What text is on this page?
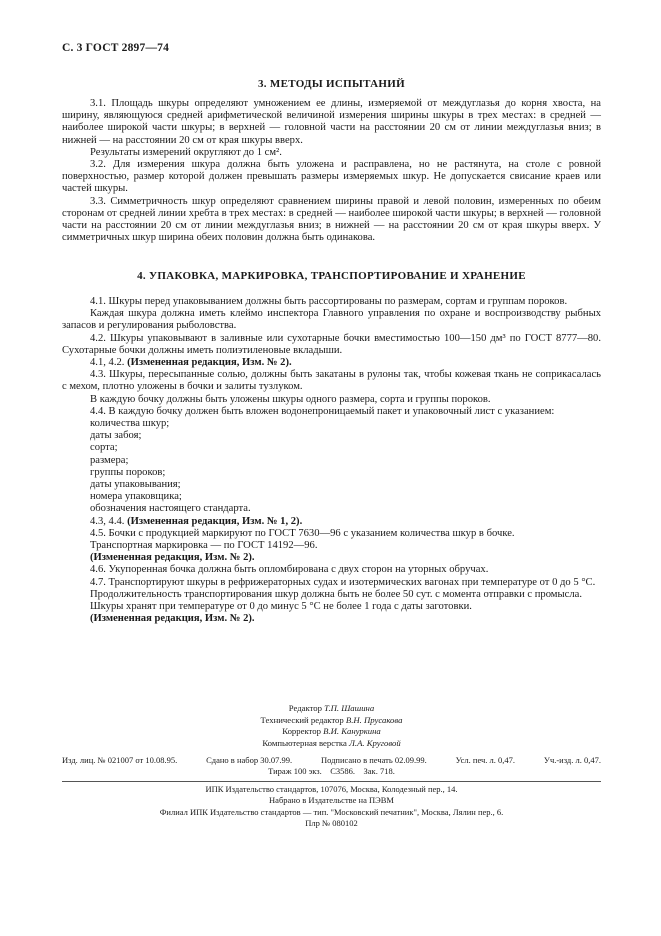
С. 3 ГОСТ 2897—74
3. МЕТОДЫ ИСПЫТАНИЙ

3.1. Площадь шкуры определяют умножением ее длины, измеряемой от междуглазья до корня хвоста, на ширину, являющуюся средней арифметической величиной измерения ширины шкуры в трех местах: в средней — наиболее широкой части шкуры; в верхней — головной части на расстоянии 20 см от линии междуглазья вниз; в нижней — на расстоянии 20 см от края шкуры вверх.

Результаты измерений округляют до 1 см².

3.2. Для измерения шкура должна быть уложена и расправлена, но не растянута, на столе с ровной поверхностью, размер которой должен превышать размеры измеряемых шкур. Не допускается свисание краев или частей шкуры.

3.3. Симметричность шкур определяют сравнением ширины правой и левой половин, измеренных по обеим сторонам от средней линии хребта в трех местах: в средней — наиболее широкой части шкуры; в верхней — головной части на расстоянии 20 см от линии междуглазья вниз; в нижней — на расстоянии 20 см от края шкуры вверх. У симметричных шкур ширина обеих половин должна быть одинакова.

4. УПАКОВКА, МАРКИРОВКА, ТРАНСПОРТИРОВАНИЕ И ХРАНЕНИЕ

4.1. Шкуры перед упаковыванием должны быть рассортированы по размерам, сортам и группам пороков.

Каждая шкура должна иметь клеймо инспектора Главного управления по охране и воспроизводству рыбных запасов и регулирования рыболовства.

4.2. Шкуры упаковывают в заливные или сухотарные бочки вместимостью 100—150 дм³ по ГОСТ 8777—80. Сухотарные бочки должны иметь полиэтиленовые вкладыши.

4.1, 4.2. (Измененная редакция, Изм. № 2).

4.3. Шкуры, пересыпанные солью, должны быть закатаны в рулоны так, чтобы кожевая ткань не соприкасалась с мехом, плотно уложены в бочки и залиты тузлуком.

В каждую бочку должны быть уложены шкуры одного размера, сорта и группы пороков.

4.4. В каждую бочку должен быть вложен водонепроницаемый пакет и упаковочный лист с указанием:

количества шкур;
даты забоя;
сорта;
размера;
группы пороков;
даты упаковывания;
номера упаковщика;
обозначения настоящего стандарта.

4.3, 4.4. (Измененная редакция, Изм. № 1, 2).

4.5. Бочки с продукцией маркируют по ГОСТ 7630—96 с указанием количества шкур в бочке.

Транспортная маркировка — по ГОСТ 14192—96.

(Измененная редакция, Изм. № 2).

4.6. Укупоренная бочка должна быть опломбирована с двух сторон на уторных обручах.

4.7. Транспортируют шкуры в рефрижераторных судах и изотермических вагонах при температуре от 0 до 5 °С.

Продолжительность транспортирования шкур должна быть не более 50 сут. с момента отправки с промысла.

Шкуры хранят при температуре от 0 до минус 5 °С не более 1 года с даты заготовки.

(Измененная редакция, Изм. № 2).

Редактор Т.П. Шашина
Технический редактор В.Н. Прусакова
Корректор В.И. Кануркина
Компьютерная верстка Л.А. Круговой
Изд. лиц. № 021007 от 10.08.95.	Сдано в набор 30.07.99.	Подписано в печать 02.09.99.	Усл. печ. л. 0,47.	Уч.-изд. л. 0,47.
Тираж 100 экз. С3586. Зак. 718.
ИПК Издательство стандартов, 107076, Москва, Колодезный пер., 14.
Набрано в Издательстве на ПЭВМ
Филиал ИПК Издательство стандартов — тип. "Московский печатник", Москва, Лялин пер., 6.
Плр № 080102
